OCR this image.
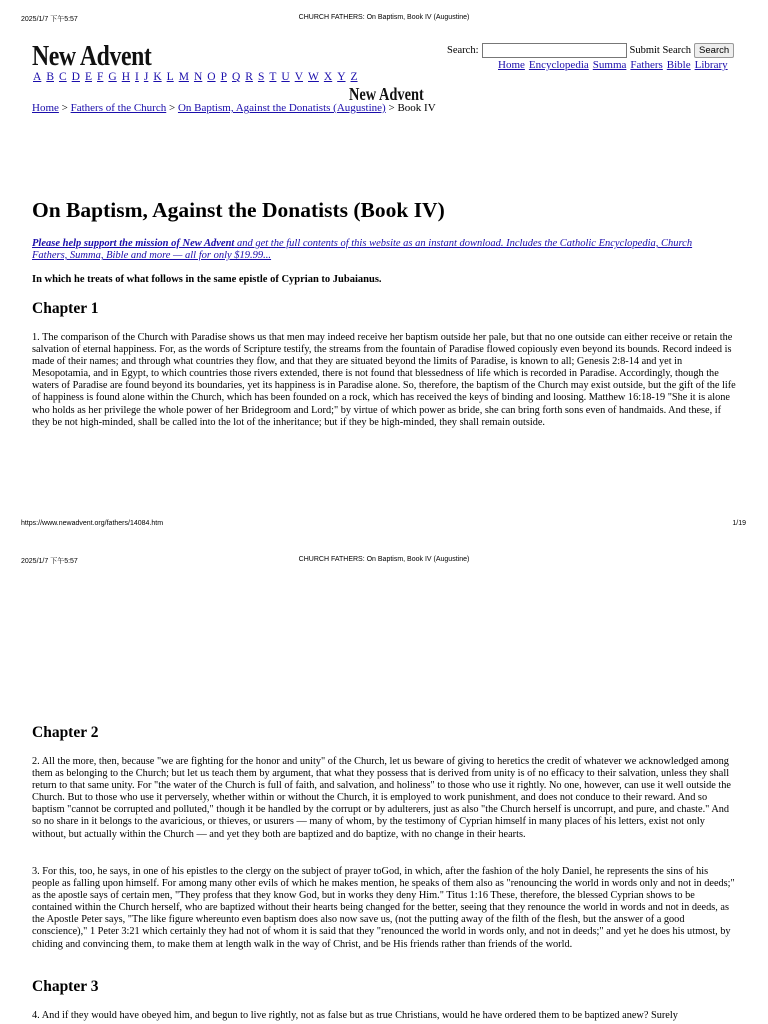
2025/1/7 下午5:57	CHURCH FATHERS: On Baptism, Book IV (Augustine)
New Advent
A B C D E F G H I J K L M N O P Q R S T U V W X Y Z
New Advent
Search:	Submit Search Search
Home Encyclopedia Summa Fathers Bible Library
Home > Fathers of the Church > On Baptism, Against the Donatists (Augustine) > Book IV
On Baptism, Against the Donatists (Book IV)
Please help support the mission of New Advent and get the full contents of this website as an instant download. Includes the Catholic Encyclopedia, Church Fathers, Summa, Bible and more — all for only $19.99...
In which he treats of what follows in the same epistle of Cyprian to Jubaianus.
Chapter 1

1. The comparison of the Church with Paradise shows us that men may indeed receive her baptism outside her pale, but that no one outside can either receive or retain the salvation of eternal happiness. For, as the words of Scripture testify, the streams from the fountain of Paradise flowed copiously even beyond its bounds. Record indeed is made of their names; and through what countries they flow, and that they are situated beyond the limits of Paradise, is known to all; Genesis 2:8-14 and yet in Mesopotamia, and in Egypt, to which countries those rivers extended, there is not found that blessedness of life which is recorded in Paradise. Accordingly, though the waters of Paradise are found beyond its boundaries, yet its happiness is in Paradise alone. So, therefore, the baptism of the Church may exist outside, but the gift of the life of happiness is found alone within the Church, which has been founded on a rock, which has received the keys of binding and loosing. Matthew 16:18-19 "She it is alone who holds as her privilege the whole power of her Bridegroom and Lord;" by virtue of which power as bride, she can bring forth sons even of handmaids. And these, if they be not high-minded, shall be called into the lot of the inheritance; but if they be high-minded, they shall remain outside.

https://www.newadvent.org/fathers/14084.htm	1/19
2025/1/7 下午5:57	CHURCH FATHERS: On Baptism, Book IV (Augustine)
Chapter 2

2. All the more, then, because "we are fighting for the honor and unity" of the Church, let us beware of giving to heretics the credit of whatever we acknowledged among them as belonging to the Church; but let us teach them by argument, that what they possess that is derived from unity is of no efficacy to their salvation, unless they shall return to that same unity. For "the water of the Church is full of faith, and salvation, and holiness" to those who use it rightly. No one, however, can use it well outside the Church. But to those who use it perversely, whether within or without the Church, it is employed to work punishment, and does not conduce to their reward. And so baptism "cannot be corrupted and polluted," though it be handled by the corrupt or by adulterers, just as also "the Church herself is uncorrupt, and pure, and chaste." And so no share in it belongs to the avaricious, or thieves, or usurers — many of whom, by the testimony of Cyprian himself in many places of his letters, exist not only without, but actually within the Church — and yet they both are baptized and do baptize, with no change in their hearts.

3. For this, too, he says, in one of his epistles to the clergy on the subject of prayer toGod, in which, after the fashion of the holy Daniel, he represents the sins of his people as falling upon himself. For among many other evils of which he makes mention, he speaks of them also as "renouncing the world in words only and not in deeds;" as the apostle says of certain men, "They profess that they know God, but in works they deny Him." Titus 1:16 These, therefore, the blessed Cyprian shows to be contained within the Church herself, who are baptized without their hearts being changed for the better, seeing that they renounce the world in words and not in deeds, as the Apostle Peter says, "The like figure whereunto even baptism does also now save us, (not the putting away of the filth of the flesh, but the answer of a good conscience)," 1 Peter 3:21 which certainly they had not of whom it is said that they "renounced the world in words only, and not in deeds;" and yet he does his utmost, by chiding and convincing them, to make them at length walk in the way of Christ, and be His friends rather than friends of the world.

Chapter 3

4. And if they would have obeyed him, and begun to live rightly, not as false but as true Christians, would he have ordered them to be baptized anew? Surely
